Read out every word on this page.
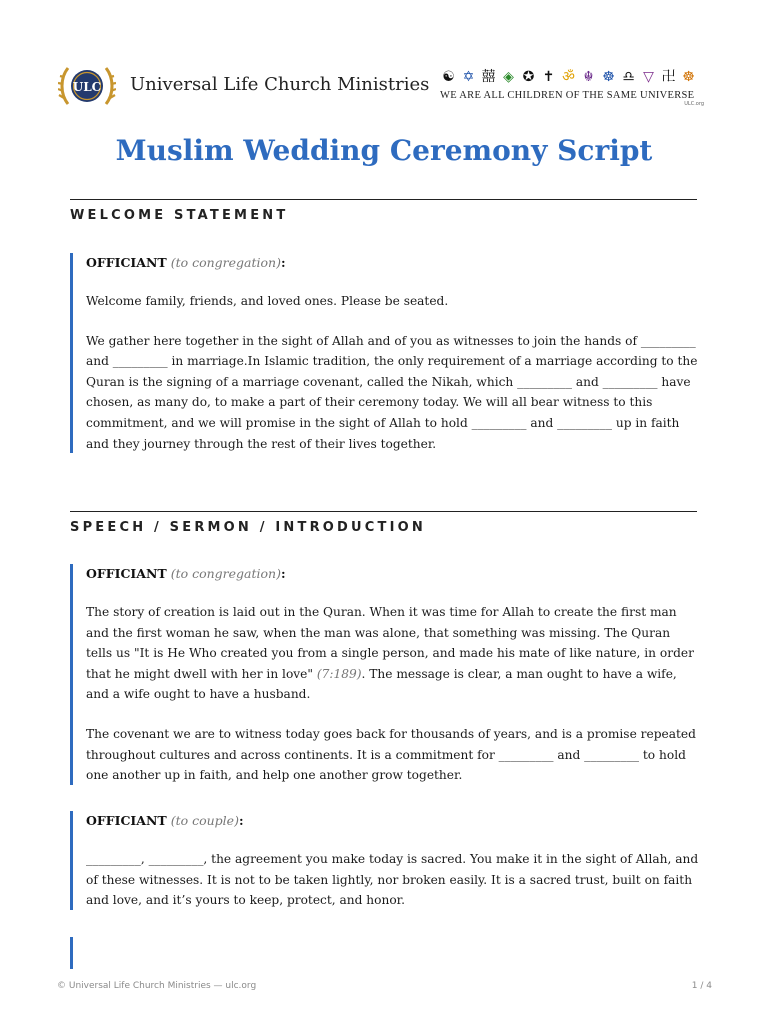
ULC Universal Life Church Ministries ☯ ✡ 囍 ◈ ✪ ✝ ॐ ☬ ☸ ♎ ▽ 卍 ☸
WE ARE ALL CHILDREN OF THE SAME UNIVERSE
ULC.org
Muslim Wedding Ceremony Script
WELCOME STATEMENT

OFFICIANT (to congregation):

Welcome family, friends, and loved ones. Please be seated.

We gather here together in the sight of Allah and of you as witnesses to join the hands of _________ and _________ in marriage.In Islamic tradition, the only requirement of a marriage according to the Quran is the signing of a marriage covenant, called the Nikah, which _________ and _________ have chosen, as many do, to make a part of their ceremony today. We will all bear witness to this commitment, and we will promise in the sight of Allah to hold _________ and _________ up in faith and they journey through the rest of their lives together.

SPEECH / SERMON / INTRODUCTION

OFFICIANT (to congregation):

The story of creation is laid out in the Quran. When it was time for Allah to create the first man and the first woman he saw, when the man was alone, that something was missing. The Quran tells us "It is He Who created you from a single person, and made his mate of like nature, in order that he might dwell with her in love" (7:189). The message is clear, a man ought to have a wife, and a wife ought to have a husband.

The covenant we are to witness today goes back for thousands of years, and is a promise repeated throughout cultures and across continents. It is a commitment for _________ and _________ to hold one another up in faith, and help one another grow together.

OFFICIANT (to couple):

_________, _________, the agreement you make today is sacred. You make it in the sight of Allah, and of these witnesses. It is not to be taken lightly, nor broken easily. It is a sacred trust, built on faith and love, and it’s yours to keep, protect, and honor.

© Universal Life Church Ministries — ulc.org	1 / 4
